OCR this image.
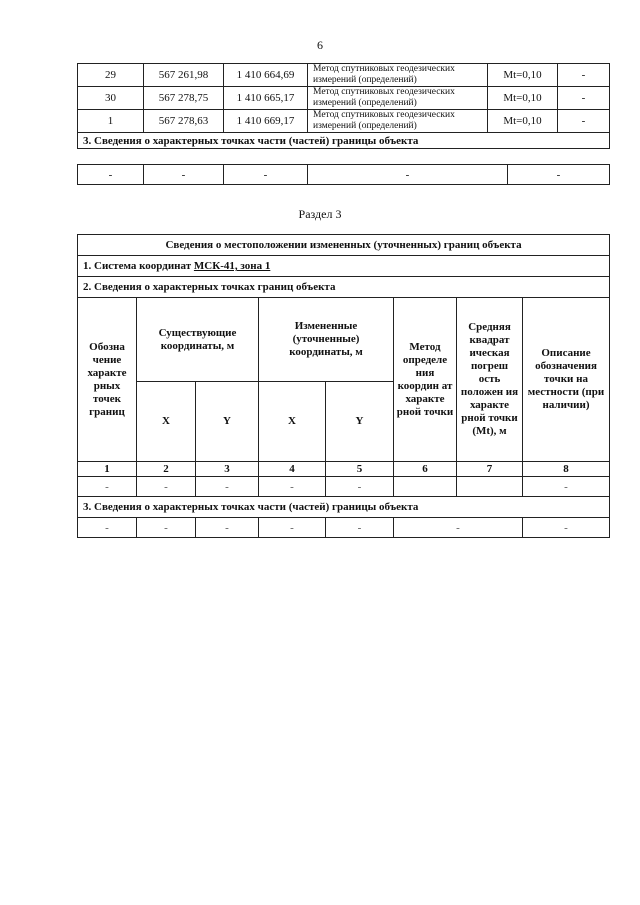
6
29	567 261,98	1 410 664,69	Метод спутниковых геодезических измерений (определений)	Mt=0,10	-
30	567 278,75	1 410 665,17	Метод спутниковых геодезических измерений (определений)	Mt=0,10	-
1	567 278,63	1 410 669,17	Метод спутниковых геодезических измерений (определений)	Mt=0,10	-
3. Сведения о характерных точках части (частей) границы объекта					
-	-	-	-	-
Раздел 3
Сведения о местоположении измененных (уточненных) границ объекта							
1. Система координат МСК-41, зона 1							
2. Сведения о характерных точках границ объекта							
Обозна чение характе рных точек границ	Существующие координаты, м		Измененные (уточненные) координаты, м		Метод определе ния координ ат характе рной точки	Средняя квадрат ическая погреш ость положен ия характе рной точки (Mt), м	Описание обозначения точки на местности (при наличии)
	X	Y	X	Y			
1	2	3	4	5	6	7	8
-	-	-	-	-			-
3. Сведения о характерных точках части (частей) границы объекта							
-	-	-	-	-	-		-
